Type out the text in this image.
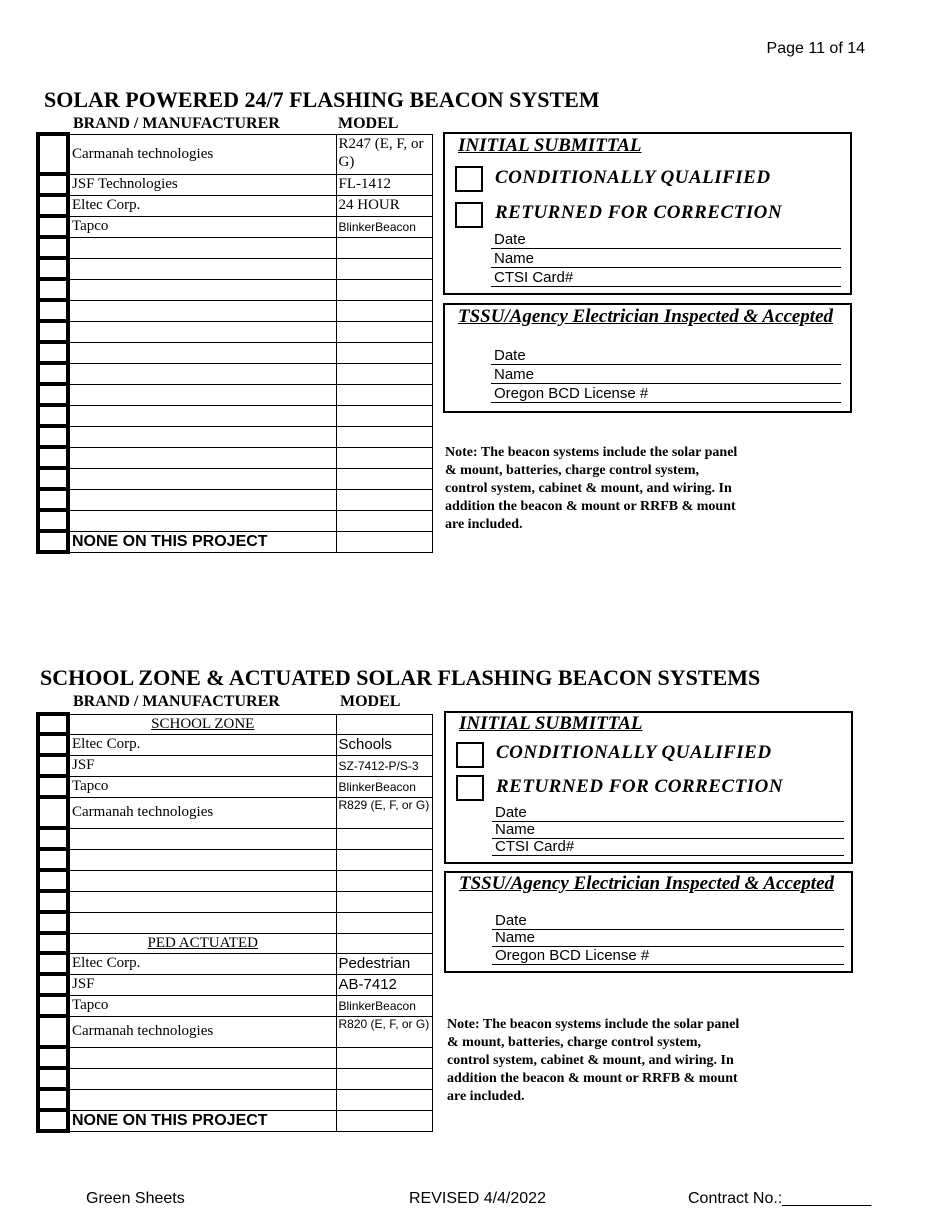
Page 11 of 14
SOLAR POWERED 24/7 FLASHING BEACON SYSTEM
BRAND / MANUFACTURER	MODEL
	Carmanah technologies	R247 (E, F, or G)
	JSF Technologies	FL-1412
	Eltec Corp.	24 HOUR
	Tapco	BlinkerBeacon

	NONE ON THIS PROJECT	
INITIAL SUBMITTAL
CONDITIONALLY QUALIFIED
RETURNED FOR CORRECTION
Date
Name
CTSI Card#
TSSU/Agency Electrician Inspected & Accepted
Date
Name
Oregon BCD License #
Note: The beacon systems include the solar panel & mount, batteries, charge control system, control system, cabinet & mount, and wiring. In addition the beacon & mount or RRFB & mount are included.
SCHOOL ZONE & ACTUATED SOLAR FLASHING BEACON SYSTEMS
BRAND / MANUFACTURER	MODEL
	SCHOOL ZONE	
	Eltec Corp.	Schools
	JSF	SZ-7412-P/S-3
	Tapco	BlinkerBeacon
	Carmanah technologies	R829 (E, F, or G)

	PED ACTUATED	
	Eltec Corp.	Pedestrian
	JSF	AB-7412
	Tapco	BlinkerBeacon
	Carmanah technologies	R820 (E, F, or G)

	NONE ON THIS PROJECT	
INITIAL SUBMITTAL
CONDITIONALLY QUALIFIED
RETURNED FOR CORRECTION
Date
Name
CTSI Card#
TSSU/Agency Electrician Inspected & Accepted
Date
Name
Oregon BCD License #
Note: The beacon systems include the solar panel & mount, batteries, charge control system, control system, cabinet & mount, and wiring. In addition the beacon & mount or RRFB & mount are included.
Green Sheets	REVISED 4/4/2022	Contract No.:__________
